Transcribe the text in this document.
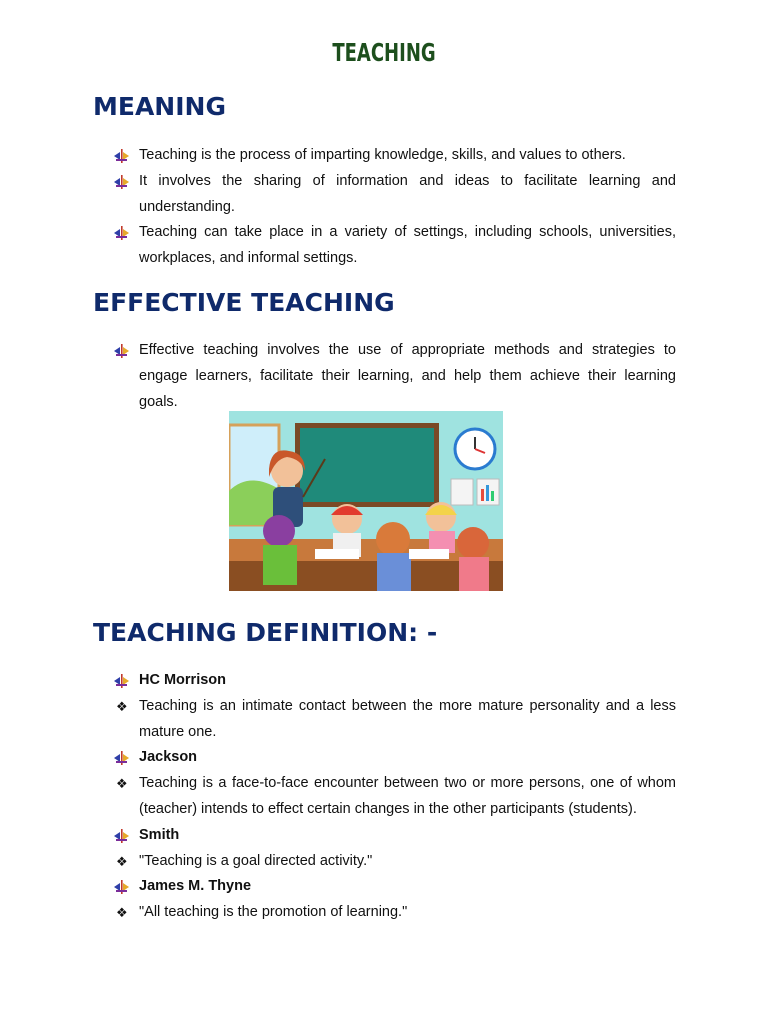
TEACHING
MEANING
Teaching is the process of imparting knowledge, skills, and values to others.
It involves the sharing of information and ideas to facilitate learning and understanding.
Teaching can take place in a variety of settings, including schools, universities, workplaces, and informal settings.
EFFECTIVE TEACHING
Effective teaching involves the use of appropriate methods and strategies to engage learners, facilitate their learning, and help them achieve their learning goals.
TEACHING DEFINITION: -
HC Morrison
❖ Teaching is an intimate contact between the more mature personality and a less mature one.
Jackson
❖ Teaching is a face-to-face encounter between two or more persons, one of whom (teacher) intends to effect certain changes in the other participants (students).
Smith
❖ "Teaching is a goal directed activity."
James M. Thyne
❖ "All teaching is the promotion of learning."
